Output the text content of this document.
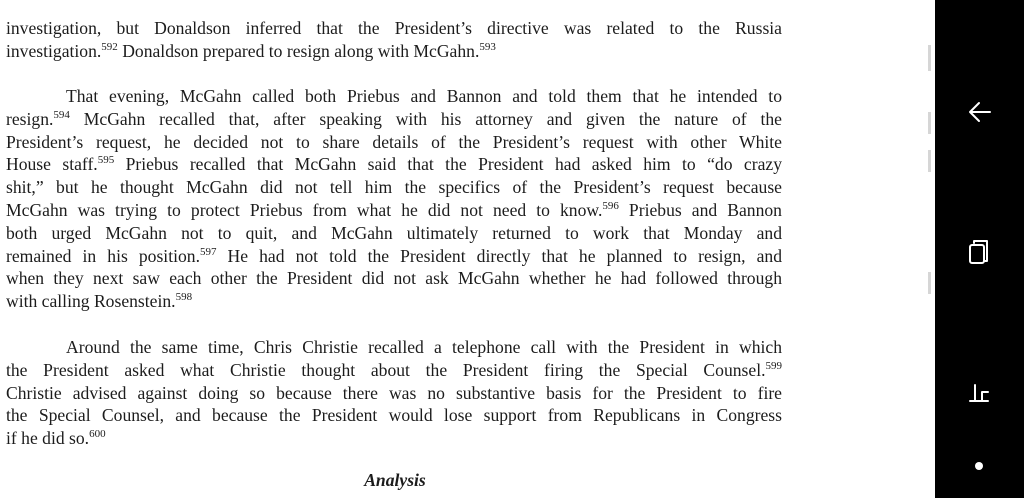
investigation, but Donaldson inferred that the President’s directive was related to the Russia
investigation.$^{592}$ Donaldson prepared to resign along with McGahn.$^{593}$
That evening, McGahn called both Priebus and Bannon and told them that he intended to
resign.$^{594}$ McGahn recalled that, after speaking with his attorney and given the nature of the
President’s request, he decided not to share details of the President’s request with other White
House staff.$^{595}$ Priebus recalled that McGahn said that the President had asked him to “do crazy
shit,” but he thought McGahn did not tell him the specifics of the President’s request because
McGahn was trying to protect Priebus from what he did not need to know.$^{596}$ Priebus and Bannon
both urged McGahn not to quit, and McGahn ultimately returned to work that Monday and
remained in his position.$^{597}$ He had not told the President directly that he planned to resign, and
when they next saw each other the President did not ask McGahn whether he had followed through
with calling Rosenstein.$^{598}$
Around the same time, Chris Christie recalled a telephone call with the President in which
the President asked what Christie thought about the President firing the Special Counsel.$^{599}$
Christie advised against doing so because there was no substantive basis for the President to fire
the Special Counsel, and because the President would lose support from Republicans in Congress
if he did so.$^{600}$
Analysis
